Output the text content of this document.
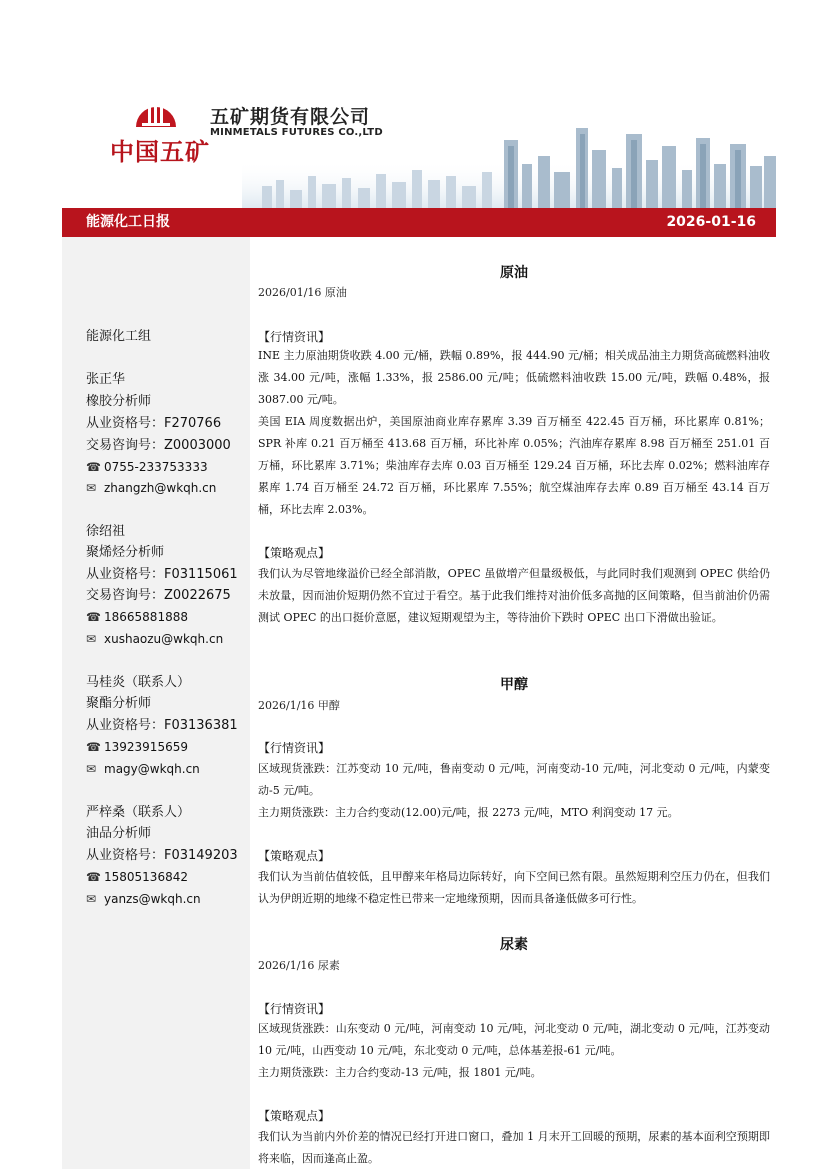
中国五矿
五矿期货有限公司
MINMETALS FUTURES CO.,LTD
能源化工日报	2026-01-16
能源化工组
张正华
橡胶分析师
从业资格号：F270766
交易咨询号：Z0003000
☎ 0755-233753333
✉ zhangzh@wkqh.cn
徐绍祖
聚烯烃分析师
从业资格号：F03115061
交易咨询号：Z0022675
☎ 18665881888
✉ xushaozu@wkqh.cn
马桂炎（联系人）
聚酯分析师
从业资格号：F03136381
☎ 13923915659
✉ magy@wkqh.cn
严梓桑（联系人）
油品分析师
从业资格号：F03149203
☎ 15805136842
✉ yanzs@wkqh.cn
原油
2026/01/16 原油
【行情资讯】
INE 主力原油期货收跌 4.00 元/桶，跌幅 0.89%，报 444.90 元/桶；相关成品油主力期货高硫燃料油收涨 34.00 元/吨，涨幅 1.33%，报 2586.00 元/吨；低硫燃料油收跌 15.00 元/吨，跌幅 0.48%，报 3087.00 元/吨。
美国 EIA 周度数据出炉，美国原油商业库存累库 3.39 百万桶至 422.45 百万桶，环比累库 0.81%；SPR 补库 0.21 百万桶至 413.68 百万桶，环比补库 0.05%；汽油库存累库 8.98 百万桶至 251.01 百万桶，环比累库 3.71%；柴油库存去库 0.03 百万桶至 129.24 百万桶，环比去库 0.02%；燃料油库存累库 1.74 百万桶至 24.72 百万桶，环比累库 7.55%；航空煤油库存去库 0.89 百万桶至 43.14 百万桶，环比去库 2.03%。
【策略观点】
我们认为尽管地缘溢价已经全部消散，OPEC 虽做增产但量级极低，与此同时我们观测到 OPEC 供给仍未放量，因而油价短期仍然不宜过于看空。基于此我们维持对油价低多高抛的区间策略，但当前油价仍需测试 OPEC 的出口挺价意愿，建议短期观望为主，等待油价下跌时 OPEC 出口下滑做出验证。
甲醇
2026/1/16 甲醇
【行情资讯】
区域现货涨跌：江苏变动 10 元/吨，鲁南变动 0 元/吨，河南变动-10 元/吨，河北变动 0 元/吨，内蒙变动-5 元/吨。
主力期货涨跌：主力合约变动(12.00)元/吨，报 2273 元/吨，MTO 利润变动 17 元。
【策略观点】
我们认为当前估值较低，且甲醇来年格局边际转好，向下空间已然有限。虽然短期利空压力仍在，但我们认为伊朗近期的地缘不稳定性已带来一定地缘预期，因而具备逢低做多可行性。
尿素
2026/1/16 尿素
【行情资讯】
区域现货涨跌：山东变动 0 元/吨，河南变动 10 元/吨，河北变动 0 元/吨，湖北变动 0 元/吨，江苏变动 10 元/吨，山西变动 10 元/吨，东北变动 0 元/吨，总体基差报-61 元/吨。
主力期货涨跌：主力合约变动-13 元/吨，报 1801 元/吨。
【策略观点】
我们认为当前内外价差的情况已经打开进口窗口，叠加 1 月末开工回暖的预期，尿素的基本面利空预期即将来临，因而逢高止盈。
